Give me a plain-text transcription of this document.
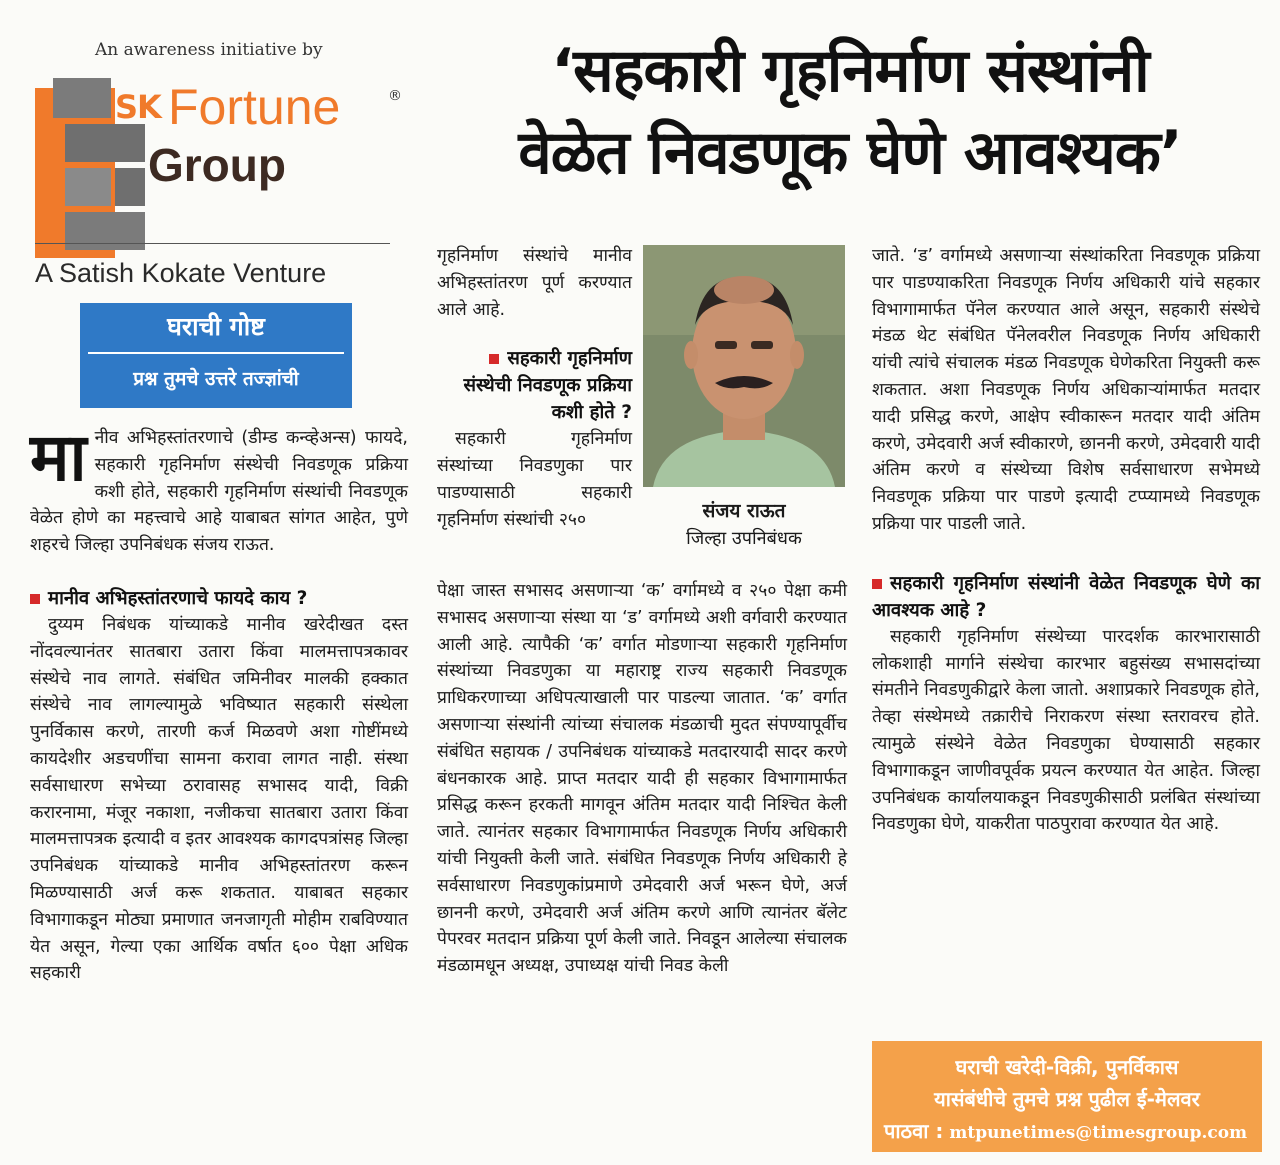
An awareness initiative by
SK Fortune	®
Group
A Satish Kokate Venture
घराची गोष्ट
प्रश्न तुमचे उत्तरे तज्ज्ञांची
‘सहकारी गृहनिर्माण संस्थांनी
वेळेत निवडणूक घेणे आवश्यक’

मानीव अभिहस्तांतरणाचे (डीम्ड कन्व्हेअन्स) फायदे, सहकारी गृहनिर्माण संस्थेची निवडणूक प्रक्रिया कशी होते, सहकारी गृहनिर्माण संस्थांची निवडणूक वेळेत होणे का महत्त्वाचे आहे याबाबत सांगत आहेत, पुणे शहरचे जिल्हा उपनिबंधक संजय राऊत.

मानीव अभिहस्तांतरणाचे फायदे काय ?

दुय्यम निबंधक यांच्याकडे मानीव खरेदीखत दस्त नोंदवल्यानंतर सातबारा उतारा किंवा मालमत्तापत्रकावर संस्थेचे नाव लागते. संबंधित जमिनीवर मालकी हक्कात संस्थेचे नाव लागल्यामुळे भविष्यात सहकारी संस्थेला पुनर्विकास करणे, तारणी कर्ज मिळवणे अशा गोष्टींमध्ये कायदेशीर अडचणींचा सामना करावा लागत नाही. संस्था सर्वसाधारण सभेच्या ठरावासह सभासद यादी, विक्री करारनामा, मंजूर नकाशा, नजीकचा सातबारा उतारा किंवा मालमत्तापत्रक इत्यादी व इतर आवश्यक कागदपत्रांसह जिल्हा उपनिबंधक यांच्याकडे मानीव अभिहस्तांतरण करून मिळण्यासाठी अर्ज करू शकतात. याबाबत सहकार विभागाकडून मोठ्या प्रमाणात जनजागृती मोहीम राबविण्यात येत असून, गेल्या एका आर्थिक वर्षात ६०० पेक्षा अधिक सहकारी

गृहनिर्माण संस्थांचे मानीव अभिहस्तांतरण पूर्ण करण्यात आले आहे.

सहकारी गृहनिर्माण संस्थेची निवडणूक प्रक्रिया कशी होते ?

सहकारी गृहनिर्माण संस्थांच्या निवडणुका पार पाडण्यासाठी सहकारी गृहनिर्माण संस्थांची २५०

पेक्षा जास्त सभासद असणाऱ्या ‘क’ वर्गामध्ये व २५० पेक्षा कमी सभासद असणाऱ्या संस्था या ‘ड’ वर्गामध्ये अशी वर्गवारी करण्यात आली आहे. त्यापैकी ‘क’ वर्गात मोडणाऱ्या सहकारी गृहनिर्माण संस्थांच्या निवडणुका या महाराष्ट्र राज्य सहकारी निवडणूक प्राधिकरणाच्या अधिपत्याखाली पार पाडल्या जातात. ‘क’ वर्गात असणाऱ्या संस्थांनी त्यांच्या संचालक मंडळाची मुदत संपण्यापूर्वीच संबंधित सहायक / उपनिबंधक यांच्याकडे मतदारयादी सादर करणे बंधनकारक आहे. प्राप्त मतदार यादी ही सहकार विभागामार्फत प्रसिद्ध करून हरकती मागवून अंतिम मतदार यादी निश्चित केली जाते. त्यानंतर सहकार विभागामार्फत निवडणूक निर्णय अधिकारी यांची नियुक्ती केली जाते. संबंधित निवडणूक निर्णय अधिकारी हे सर्वसाधारण निवडणुकांप्रमाणे उमेदवारी अर्ज भरून घेणे, अर्ज छाननी करणे, उमेदवारी अर्ज अंतिम करणे आणि त्यानंतर बॅलेट पेपरवर मतदान प्रक्रिया पूर्ण केली जाते. निवडून आलेल्या संचालक मंडळामधून अध्यक्ष, उपाध्यक्ष यांची निवड केली

संजय राऊत
जिल्हा उपनिबंधक

जाते. ‘ड’ वर्गामध्ये असणाऱ्या संस्थांकरिता निवडणूक प्रक्रिया पार पाडण्याकरिता निवडणूक निर्णय अधिकारी यांचे सहकार विभागामार्फत पॅनेल करण्यात आले असून, सहकारी संस्थेचे मंडळ थेट संबंधित पॅनेलवरील निवडणूक निर्णय अधिकारी यांची त्यांचे संचालक मंडळ निवडणूक घेणेकरिता नियुक्ती करू शकतात. अशा निवडणूक निर्णय अधिकाऱ्यांमार्फत मतदार यादी प्रसिद्ध करणे, आक्षेप स्वीकारून मतदार यादी अंतिम करणे, उमेदवारी अर्ज स्वीकारणे, छाननी करणे, उमेदवारी यादी अंतिम करणे व संस्थेच्या विशेष सर्वसाधारण सभेमध्ये निवडणूक प्रक्रिया पार पाडणे इत्यादी टप्प्यामध्ये निवडणूक प्रक्रिया पार पाडली जाते.

सहकारी गृहनिर्माण संस्थांनी वेळेत निवडणूक घेणे का आवश्यक आहे ?

सहकारी गृहनिर्माण संस्थेच्या पारदर्शक कारभारासाठी लोकशाही मार्गाने संस्थेचा कारभार बहुसंख्य सभासदांच्या संमतीने निवडणुकीद्वारे केला जातो. अशाप्रकारे निवडणूक होते, तेव्हा संस्थेमध्ये तक्रारीचे निराकरण संस्था स्तरावरच होते. त्यामुळे संस्थेने वेळेत निवडणुका घेण्यासाठी सहकार विभागाकडून जाणीवपूर्वक प्रयत्न करण्यात येत आहेत. जिल्हा उपनिबंधक कार्यालयाकडून निवडणुकीसाठी प्रलंबित संस्थांच्या निवडणुका घेणे, याकरीता पाठपुरावा करण्यात येत आहे.

घराची खरेदी-विक्री, पुनर्विकास
यासंबंधीचे तुमचे प्रश्न पुढील ई-मेलवर
पाठवा : mtpunetimes@timesgroup.com
